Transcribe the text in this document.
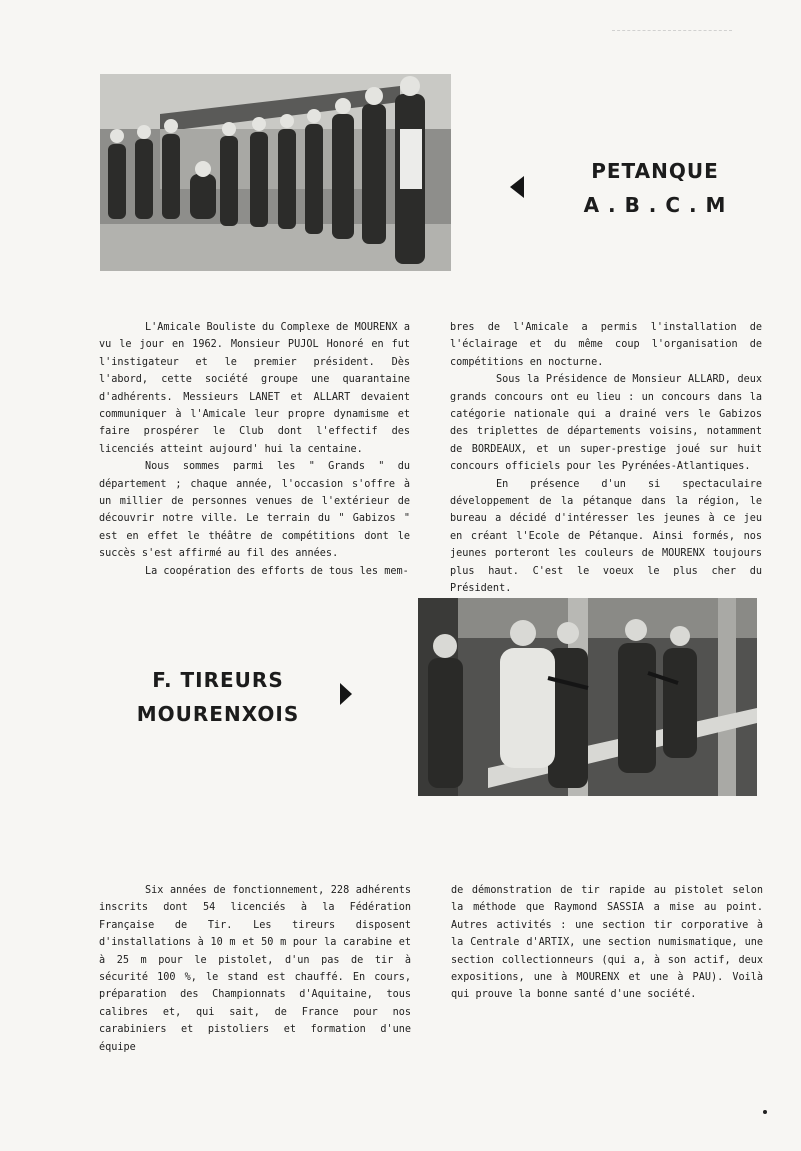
PETANQUE
A . B . C . M

L'Amicale Bouliste du Complexe de MOURENX a vu le jour en 1962. Monsieur PUJOL Honoré en fut l'instigateur et le premier président. Dès l'abord, cette société groupe une quarantaine d'adhérents. Messieurs LANET et ALLART devaient communiquer à l'Amicale leur propre dynamisme et faire prospérer le Club dont l'effectif des licenciés atteint aujourd' hui la centaine.

Nous sommes parmi les " Grands " du département ; chaque année, l'occasion s'offre à un millier de personnes venues de l'extérieur de découvrir notre ville. Le terrain du " Gabizos " est en effet le théâtre de compétitions dont le succès s'est affirmé au fil des années.

La coopération des efforts de tous les mem-

bres de l'Amicale a permis l'installation de l'éclairage et du même coup l'organisation de compétitions en nocturne.

Sous la Présidence de Monsieur ALLARD, deux grands concours ont eu lieu : un concours dans la catégorie nationale qui a drainé vers le Gabizos des triplettes de départements voisins, notamment de BORDEAUX, et un super-prestige joué sur huit concours officiels pour les Pyrénées-Atlantiques.

En présence d'un si spectaculaire développement de la pétanque dans la région, le bureau a décidé d'intéresser les jeunes à ce jeu en créant l'Ecole de Pétanque. Ainsi formés, nos jeunes porteront les couleurs de MOURENX toujours plus haut. C'est le voeux le plus cher du Président.

F. TIREURS
MOURENXOIS

Six années de fonctionnement, 228 adhérents inscrits dont 54 licenciés à la Fédération Française de Tir. Les tireurs disposent d'installations à 10 m et 50 m pour la carabine et à 25 m pour le pistolet, d'un pas de tir à sécurité 100 %, le stand est chauffé. En cours, préparation des Championnats d'Aquitaine, tous calibres et, qui sait, de France pour nos carabiniers et pistoliers et formation d'une équipe

de démonstration de tir rapide au pistolet selon la méthode que Raymond SASSIA a mise au point. Autres activités : une section tir corporative à la Centrale d'ARTIX, une section numismatique, une section collectionneurs (qui a, à son actif, deux expositions, une à MOURENX et une à PAU). Voilà qui prouve la bonne santé d'une société.
